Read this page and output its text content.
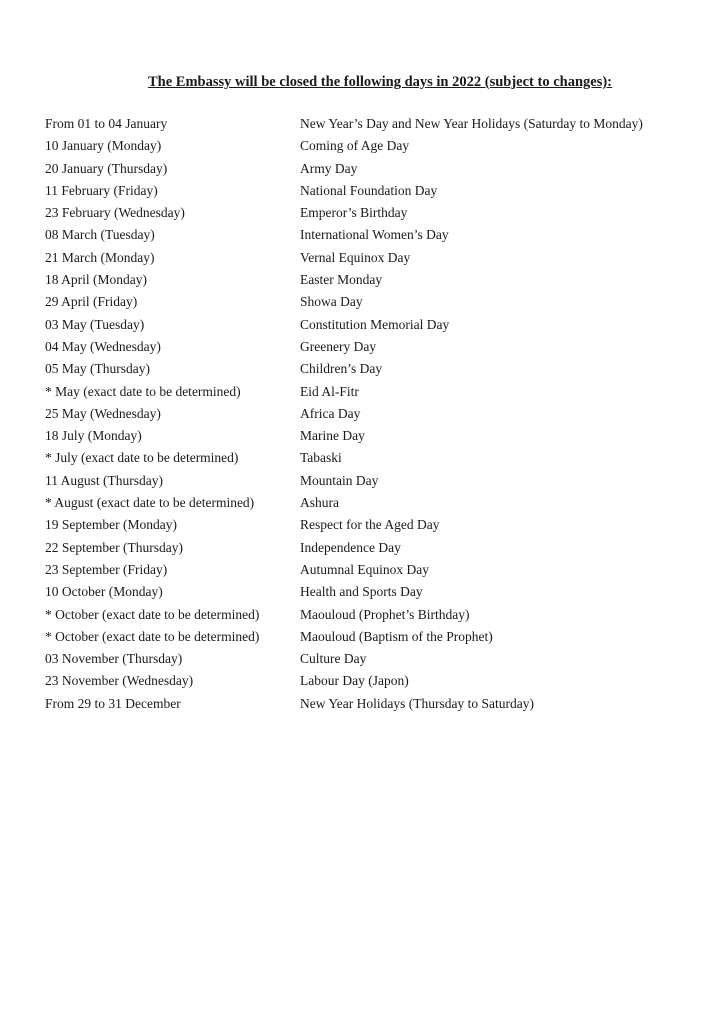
The Embassy will be closed the following days in 2022 (subject to changes):
From 01 to 04 January	New Year’s Day and New Year Holidays (Saturday to Monday)
10 January (Monday)	Coming of Age Day
20 January (Thursday)	Army Day
11 February (Friday)	National Foundation Day
23 February (Wednesday)	Emperor’s Birthday
08 March (Tuesday)	International Women’s Day
21 March (Monday)	Vernal Equinox Day
18 April (Monday)	Easter Monday
29 April (Friday)	Showa Day
03 May (Tuesday)	Constitution Memorial Day
04 May (Wednesday)	Greenery Day
05 May (Thursday)	Children’s Day
* May (exact date to be determined)	Eid Al-Fitr
25 May (Wednesday)	Africa Day
18 July (Monday)	Marine Day
* July (exact date to be determined)	Tabaski
11 August (Thursday)	Mountain Day
* August (exact date to be determined)	Ashura
19 September (Monday)	Respect for the Aged Day
22 September (Thursday)	Independence Day
23 September (Friday)	Autumnal Equinox Day
10 October (Monday)	Health and Sports Day
* October (exact date to be determined)	Maouloud (Prophet’s Birthday)
* October (exact date to be determined)	Maouloud (Baptism of the Prophet)
03 November (Thursday)	Culture Day
23 November (Wednesday)	Labour Day (Japon)
From 29 to 31 December	New Year Holidays (Thursday to Saturday)
